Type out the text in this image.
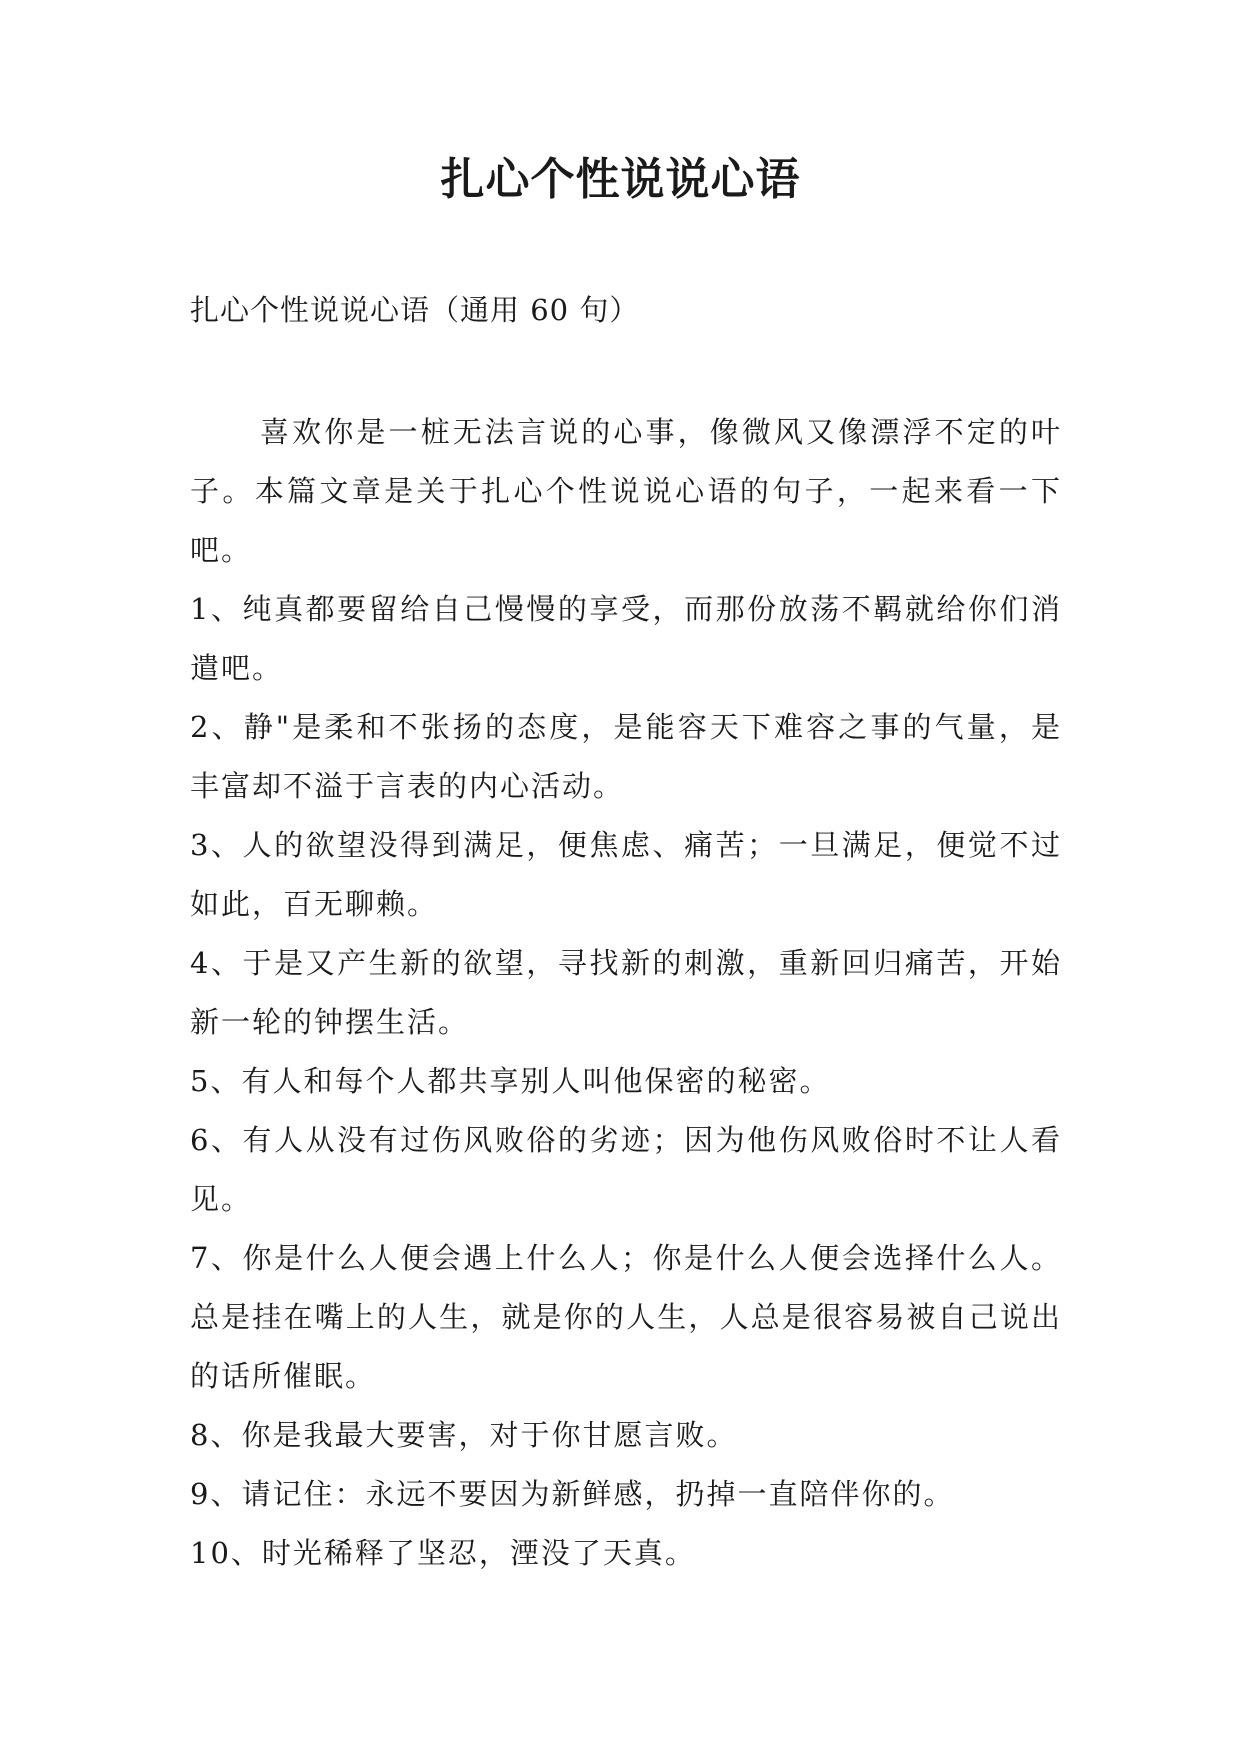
扎心个性说说心语

扎心个性说说心语（通用 60 句）

喜欢你是一桩无法言说的心事，像微风又像漂浮不定的叶子。本篇文章是关于扎心个性说说心语的句子，一起来看一下吧。

1、纯真都要留给自己慢慢的享受，而那份放荡不羁就给你们消遣吧。

2、静"是柔和不张扬的态度，是能容天下难容之事的气量，是丰富却不溢于言表的内心活动。

3、人的欲望没得到满足，便焦虑、痛苦；一旦满足，便觉不过如此，百无聊赖。

4、于是又产生新的欲望，寻找新的刺激，重新回归痛苦，开始新一轮的钟摆生活。

5、有人和每个人都共享别人叫他保密的秘密。

6、有人从没有过伤风败俗的劣迹；因为他伤风败俗时不让人看见。

7、你是什么人便会遇上什么人；你是什么人便会选择什么人。总是挂在嘴上的人生，就是你的人生，人总是很容易被自己说出的话所催眠。

8、你是我最大要害，对于你甘愿言败。

9、请记住：永远不要因为新鲜感，扔掉一直陪伴你的。

10、时光稀释了坚忍，湮没了天真。
